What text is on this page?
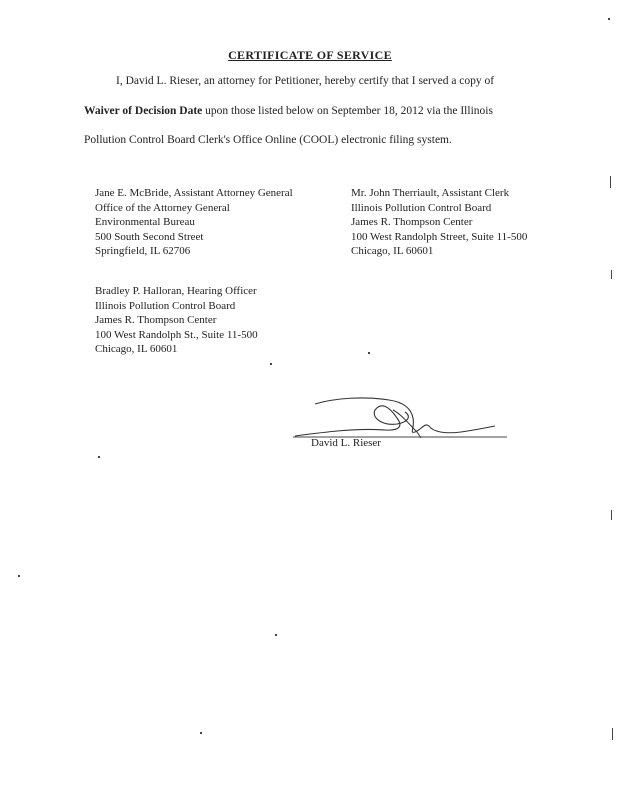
CERTIFICATE OF SERVICE
I, David L. Rieser, an attorney for Petitioner, hereby certify that I served a copy of
Waiver of Decision Date upon those listed below on September 18, 2012 via the Illinois
Pollution Control Board Clerk's Office Online (COOL) electronic filing system.
Jane E. McBride, Assistant Attorney General
Office of the Attorney General
Environmental Bureau
500 South Second Street
Springfield, IL 62706
Mr. John Therriault, Assistant Clerk
Illinois Pollution Control Board
James R. Thompson Center
100 West Randolph Street, Suite 11-500
Chicago, IL 60601
Bradley P. Halloran, Hearing Officer
Illinois Pollution Control Board
James R. Thompson Center
100 West Randolph St., Suite 11-500
Chicago, IL 60601
David L. Rieser
